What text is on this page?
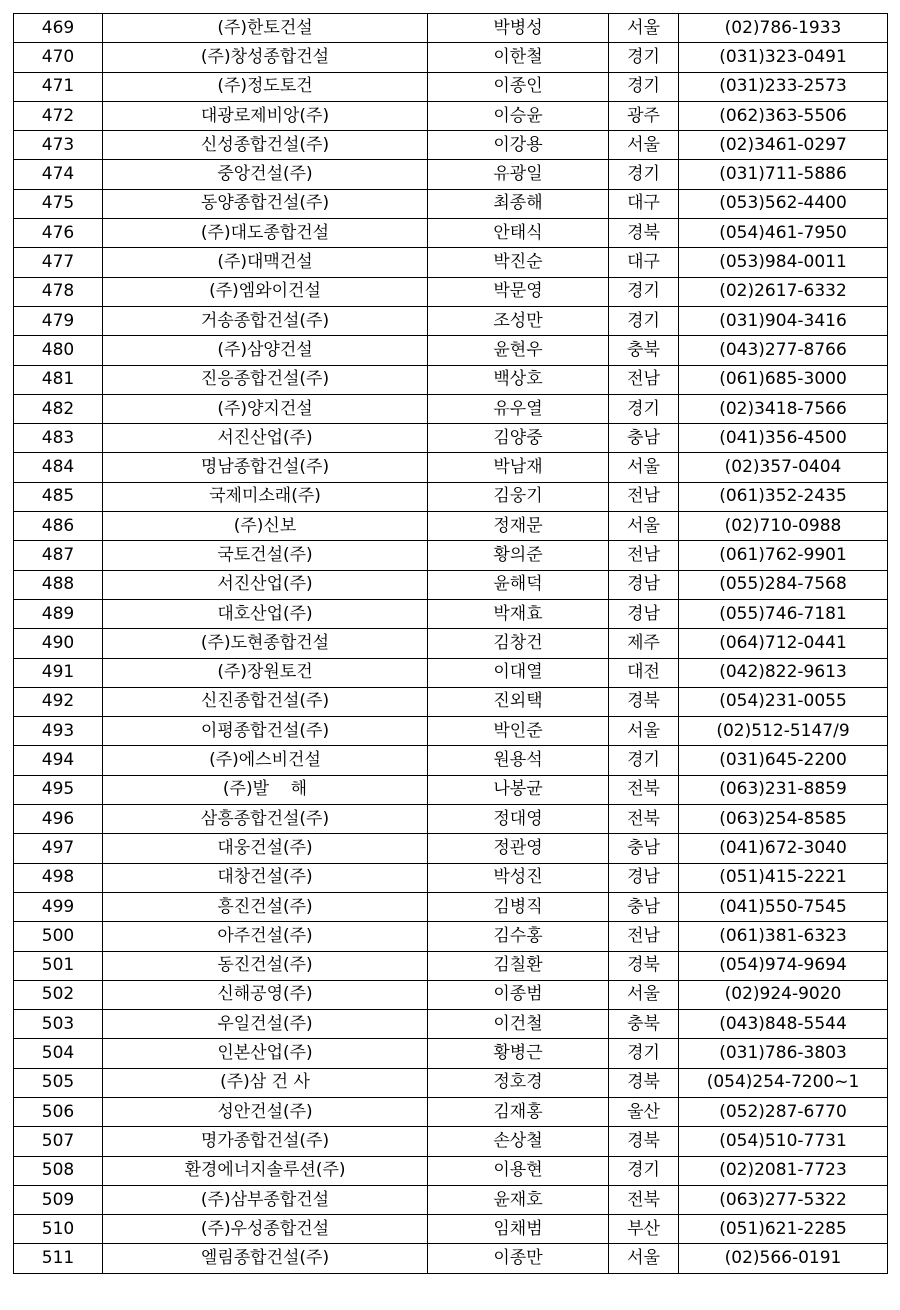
469	(주)한토건설	박병성	서울	(02)786-1933
470	(주)창성종합건설	이한철	경기	(031)323-0491
471	(주)정도토건	이종인	경기	(031)233-2573
472	대광로제비앙(주)	이승윤	광주	(062)363-5506
473	신성종합건설(주)	이강용	서울	(02)3461-0297
474	중앙건설(주)	유광일	경기	(031)711-5886
475	동양종합건설(주)	최종해	대구	(053)562-4400
476	(주)대도종합건설	안태식	경북	(054)461-7950
477	(주)대맥건설	박진순	대구	(053)984-0011
478	(주)엠와이건설	박문영	경기	(02)2617-6332
479	거송종합건설(주)	조성만	경기	(031)904-3416
480	(주)삼양건설	윤현우	충북	(043)277-8766
481	진응종합건설(주)	백상호	전남	(061)685-3000
482	(주)양지건설	유우열	경기	(02)3418-7566
483	서진산업(주)	김양중	충남	(041)356-4500
484	명남종합건설(주)	박남재	서울	(02)357-0404
485	국제미소래(주)	김웅기	전남	(061)352-2435
486	(주)신보	정재문	서울	(02)710-0988
487	국토건설(주)	황의준	전남	(061)762-9901
488	서진산업(주)	윤해덕	경남	(055)284-7568
489	대호산업(주)	박재효	경남	(055)746-7181
490	(주)도현종합건설	김창건	제주	(064)712-0441
491	(주)장원토건	이대열	대전	(042)822-9613
492	신진종합건설(주)	진외택	경북	(054)231-0055
493	이평종합건설(주)	박인준	서울	(02)512-5147/9
494	(주)에스비건설	원용석	경기	(031)645-2200
495	(주)발    해	나봉균	전북	(063)231-8859
496	삼흥종합건설(주)	정대영	전북	(063)254-8585
497	대웅건설(주)	정관영	충남	(041)672-3040
498	대창건설(주)	박성진	경남	(051)415-2221
499	흥진건설(주)	김병직	충남	(041)550-7545
500	아주건설(주)	김수홍	전남	(061)381-6323
501	동진건설(주)	김칠환	경북	(054)974-9694
502	신해공영(주)	이종범	서울	(02)924-9020
503	우일건설(주)	이건철	충북	(043)848-5544
504	인본산업(주)	황병근	경기	(031)786-3803
505	(주)삼 건 사	정호경	경북	(054)254-7200~1
506	성안건설(주)	김재홍	울산	(052)287-6770
507	명가종합건설(주)	손상철	경북	(054)510-7731
508	환경에너지솔루션(주)	이용현	경기	(02)2081-7723
509	(주)삼부종합건설	윤재호	전북	(063)277-5322
510	(주)우성종합건설	임채범	부산	(051)621-2285
511	엘림종합건설(주)	이종만	서울	(02)566-0191
